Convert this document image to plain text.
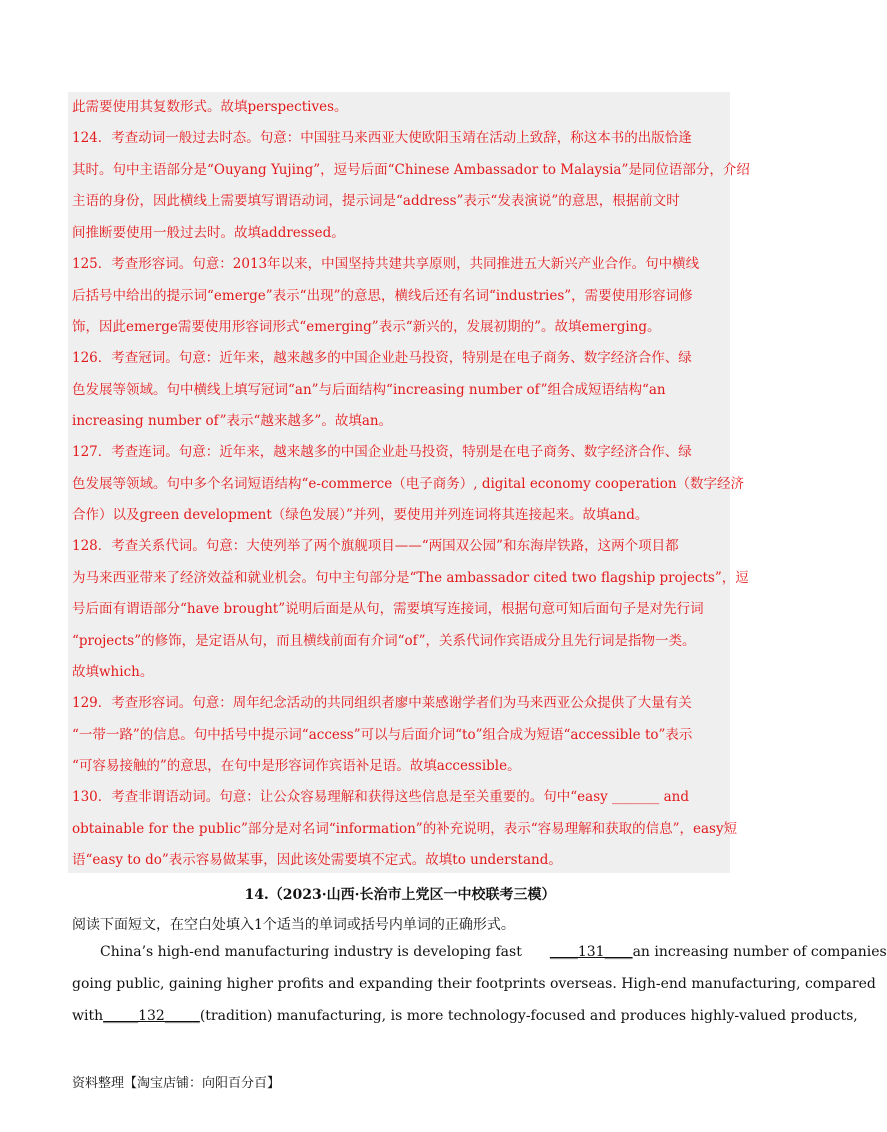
此需要使用其复数形式。故填perspectives。
124．考查动词一般过去时态。句意：中国驻马来西亚大使欧阳玉靖在活动上致辞，称这本书的出版恰逢
其时。句中主语部分是“Ouyang Yujing”，逗号后面“Chinese Ambassador to Malaysia”是同位语部分，介绍
主语的身份，因此横线上需要填写谓语动词，提示词是“address”表示“发表演说”的意思，根据前文时
间推断要使用一般过去时。故填addressed。
125．考查形容词。句意：2013年以来，中国坚持共建共享原则，共同推进五大新兴产业合作。句中横线
后括号中给出的提示词“emerge”表示“出现”的意思，横线后还有名词“industries”，需要使用形容词修
饰，因此emerge需要使用形容词形式“emerging”表示“新兴的，发展初期的”。故填emerging。
126．考查冠词。句意：近年来，越来越多的中国企业赴马投资，特别是在电子商务、数字经济合作、绿
色发展等领域。句中横线上填写冠词“an”与后面结构“increasing number of”组合成短语结构“an
increasing number of”表示“越来越多”。故填an。
127．考查连词。句意：近年来，越来越多的中国企业赴马投资，特别是在电子商务、数字经济合作、绿
色发展等领域。句中多个名词短语结构“e-commerce（电子商务）, digital economy cooperation（数字经济
合作）以及green development（绿色发展）”并列，要使用并列连词将其连接起来。故填and。
128．考查关系代词。句意：大使列举了两个旗舰项目——“两国双公园”和东海岸铁路，这两个项目都
为马来西亚带来了经济效益和就业机会。句中主句部分是“The ambassador cited two flagship projects”，逗
号后面有谓语部分“have brought”说明后面是从句，需要填写连接词，根据句意可知后面句子是对先行词
“projects”的修饰，是定语从句，而且横线前面有介词“of”，关系代词作宾语成分且先行词是指物一类。
故填which。
129．考查形容词。句意：周年纪念活动的共同组织者廖中莱感谢学者们为马来西亚公众提供了大量有关
“一带一路”的信息。句中括号中提示词“access”可以与后面介词“to”组合成为短语“accessible to”表示
“可容易接触的”的意思，在句中是形容词作宾语补足语。故填accessible。
130．考查非谓语动词。句意：让公众容易理解和获得这些信息是至关重要的。句中“easy _______ and
obtainable for the public”部分是对名词“information”的补充说明，表示“容易理解和获取的信息”，easy短
语“easy to do”表示容易做某事，因此该处需要填不定式。故填to understand。
14.（2023·山西·长治市上党区一中校联考三模）
阅读下面短文，在空白处填入1个适当的单词或括号内单词的正确形式。
China’s high-end manufacturing industry is developing fast ____131____an increasing number of companies
going public, gaining higher profits and expanding their footprints overseas. High-end manufacturing, compared
with_____132_____(tradition) manufacturing, is more technology-focused and produces highly-valued products,
资料整理【淘宝店铺：向阳百分百】
